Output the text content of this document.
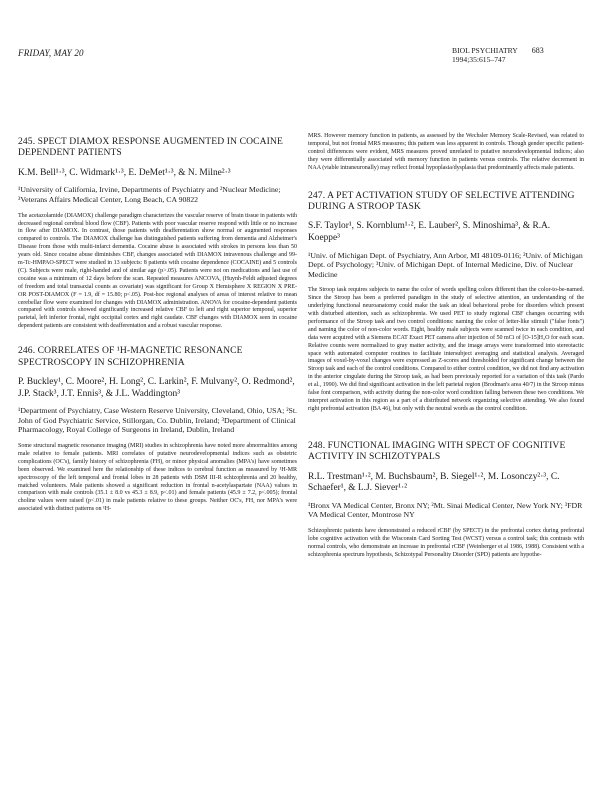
FRIDAY, MAY 20	BIOL PSYCHIATRY 683
1994;35:615–747
245. SPECT DIAMOX RESPONSE AUGMENTED IN COCAINE DEPENDENT PATIENTS

K.M. Bell¹·³, C. Widmark¹·³, E. DeMet¹·³, & N. Milne²·³

¹University of California, Irvine, Departments of Psychiatry and ²Nuclear Medicine; ³Veterans Affairs Medical Center, Long Beach, CA 90822

The acetazolamide (DIAMOX) challenge paradigm characterizes the vascular reserve of brain tissue in patients with decreased regional cerebral blood flow (CBF). Patients with poor vascular reserve respond with little or no increase in flow after DIAMOX. In contrast, those patients with deafferentation show normal or augmented responses compared to controls. The DIAMOX challenge has distinguished patients suffering from dementia and Alzheimer's Disease from those with multi-infarct dementia. Cocaine abuse is associated with strokes in persons less than 50 years old. Since cocaine abuse diminishes CBF, changes associated with DIAMOX intravenous challenge and 99-m-Tc-HMPAO-SPECT were studied in 13 subjects: 8 patients with cocaine dependence (COCAINE) and 5 controls (C). Subjects were male, right-handed and of similar age (p>.05). Patients were not on medications and last use of cocaine was a minimum of 12 days before the scan. Repeated measures ANCOVA, (Huynh-Feldt adjusted degrees of freedom and total transaxial counts as covariate) was significant for Group X Hemisphere X REGION X PRE- OR POST-DIAMOX (F = 1.9, df = 15.80; p<.05). Post-hoc regional analyses of areas of interest relative to mean cerebellar flow were examined for changes with DIAMOX administration. ANOVA for cocaine-dependent patients compared with controls showed significantly increased relative CBF to left and right superior temporal, superior parietal, left inferior frontal, right occipital cortex and right caudate. CBF changes with DIAMOX seen in cocaine dependent patients are consistent with deafferentation and a robust vascular response.

246. CORRELATES OF ¹H-MAGNETIC RESONANCE SPECTROSCOPY IN SCHIZOPHRENIA

P. Buckley¹, C. Moore², H. Long², C. Larkin², F. Mulvany², O. Redmond², J.P. Stack³, J.T. Ennis³, & J.L. Waddington³

¹Department of Psychiatry, Case Western Reserve University, Cleveland, Ohio, USA; ²St. John of God Psychiatric Service, Stillorgan, Co. Dublin, Ireland; ³Department of Clinical Pharmacology, Royal College of Surgeons in Ireland, Dublin, Ireland

Some structural magnetic resonance imaging (MRI) studies in schizophrenia have noted more abnormalities among male relative to female patients. MRI correlates of putative neurodevelopmental indices such as obstetric complications (OC's), family history of schizophrenia (FH), or minor physical anomalies (MPA's) have sometimes been observed. We examined here the relationship of these indices to cerebral function as measured by ¹H-MR spectroscopy of the left temporal and frontal lobes in 28 patients with DSM III-R schizophrenia and 20 healthy, matched volunteers. Male patients showed a significant reduction in frontal n-acetylaspartate (NAA) values in comparison with male controls (35.1 ± 8.0 vs 45.3 ± 8.9, p<.01) and female patients (45.9 ± 7.2, p<.005); frontal choline values were raised (p<.01) in male patients relative to these groups. Neither OC's, FH, nor MPA's were associated with distinct patterns on ¹H-

MRS. However memory function in patients, as assessed by the Wechsler Memory Scale-Revised, was related to temporal, but not frontal MRS measures; this pattern was less apparent in controls. Though gender specific patient-control differences were evident, MRS measures proved unrelated to putative neurodevelopmental indices; also they were differentially associated with memory function in patients versus controls. The relative decrement in NAA (viable intraneuronally) may reflect frontal hypoplasia/dysplasia that predominantly affects male patients.

247. A PET ACTIVATION STUDY OF SELECTIVE ATTENDING DURING A STROOP TASK

S.F. Taylor¹, S. Kornblum¹·², E. Lauber², S. Minoshima³, & R.A. Koeppe³

¹Univ. of Michigan Dept. of Psychiatry, Ann Arbor, MI 48109-0116; ²Univ. of Michigan Dept. of Psychology; ³Univ. of Michigan Dept. of Internal Medicine, Div. of Nuclear Medicine

The Stroop task requires subjects to name the color of words spelling colors different than the color-to-be-named. Since the Stroop has been a preferred paradigm in the study of selective attention, an understanding of the underlying functional neuroanatomy could make the task an ideal behavioral probe for disorders which present with disturbed attention, such as schizophrenia. We used PET to study regional CBF changes occurring with performance of the Stroop task and two control conditions: naming the color of letter-like stimuli ("false fonts") and naming the color of non-color words. Eight, healthy male subjects were scanned twice in each condition, and data were acquired with a Siemens ECAT Exact PET camera after injection of 50 mCi of [O-15]H₂O for each scan. Relative counts were normalized to gray matter activity, and the image arrays were transformed into stereotactic space with automated computer routines to facilitate intersubject averaging and statistical analysis. Averaged images of voxel-by-voxel changes were expressed as Z-scores and thresholded for significant change between the Stroop task and each of the control conditions. Compared to either control condition, we did not find any activation in the anterior cingulate during the Stroop task, as had been previously reported for a variation of this task (Pardo et al., 1990). We did find significant activation in the left parietal region (Brodman's area 40/7) in the Stroop minus false font comparison, with activity during the non-color word condition falling between these two conditions. We interpret activation in this region as a part of a distributed network organizing selective attending. We also found right prefrontal activation (BA 46), but only with the neutral words as the control condition.

248. FUNCTIONAL IMAGING WITH SPECT OF COGNITIVE ACTIVITY IN SCHIZOTYPALS

R.L. Trestman¹·², M. Buchsbaum², B. Siegel¹·², M. Losonczy²·³, C. Schaefer¹, & L.J. Siever¹·²

¹Bronx VA Medical Center, Bronx NY; ²Mt. Sinai Medical Center, New York NY; ³FDR VA Medical Center, Montrose NY

Schizophrenic patients have demonstrated a reduced rCBF (by SPECT) in the prefrontal cortex during prefrontal lobe cognitive activation with the Wisconsin Card Sorting Test (WCST) versus a control task; this contrasts with normal controls, who demonstrate an increase in prefrontal rCBF (Weinberger et al 1986, 1988). Consistent with a schizophrenia spectrum hypothesis, Schizotypal Personality Disorder (SPD) patients are hypothe-
